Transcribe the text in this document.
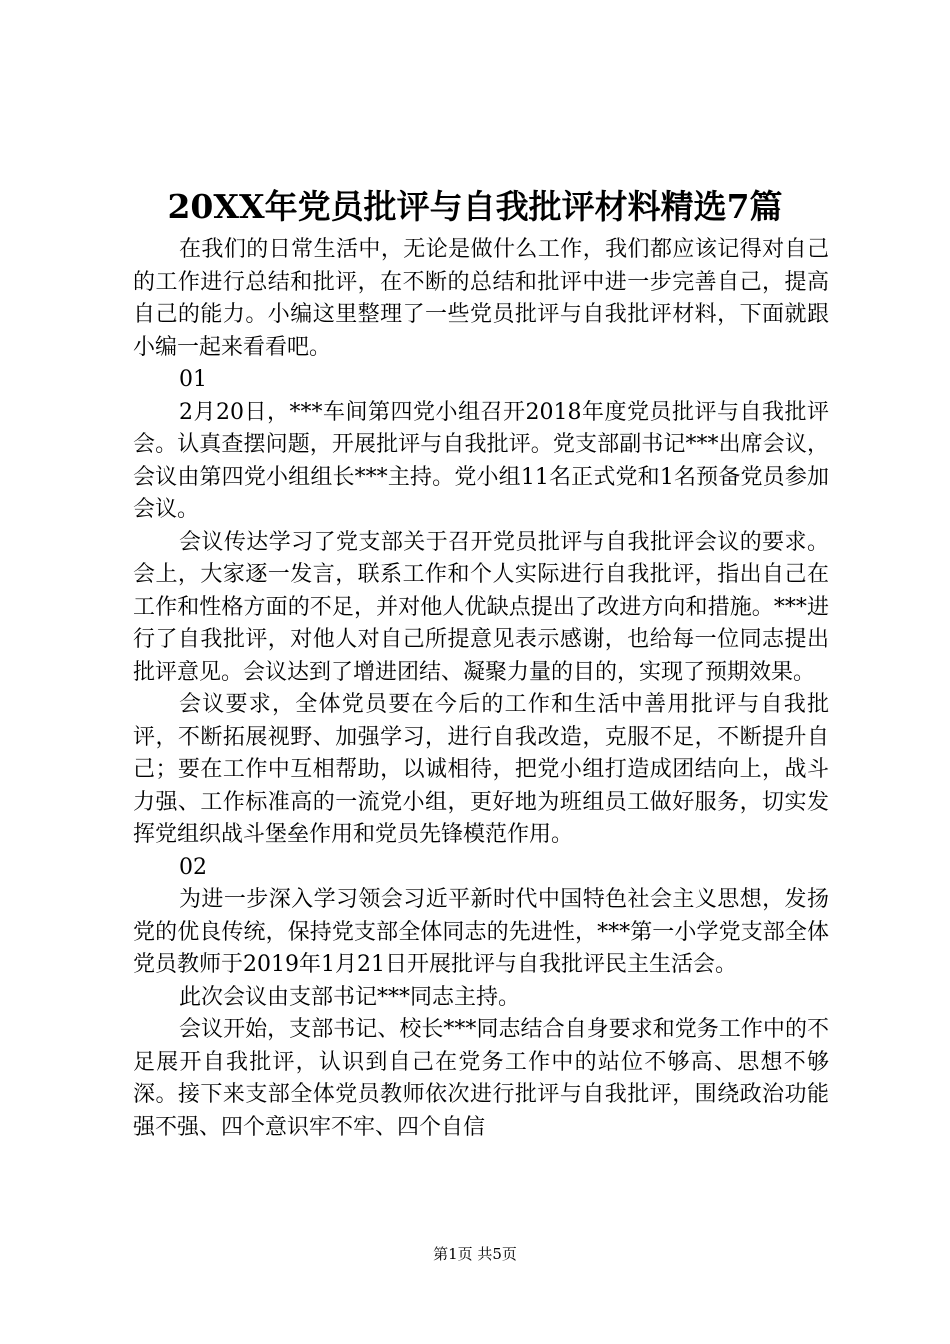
20XX年党员批评与自我批评材料精选7篇

在我们的日常生活中，无论是做什么工作，我们都应该记得对自己的工作进行总结和批评，在不断的总结和批评中进一步完善自己，提高自己的能力。小编这里整理了一些党员批评与自我批评材料，下面就跟小编一起来看看吧。

01

2月20日，***车间第四党小组召开2018年度党员批评与自我批评会。认真查摆问题，开展批评与自我批评。党支部副书记***出席会议，会议由第四党小组组长***主持。党小组11名正式党和1名预备党员参加会议。

会议传达学习了党支部关于召开党员批评与自我批评会议的要求。会上，大家逐一发言，联系工作和个人实际进行自我批评，指出自己在工作和性格方面的不足，并对他人优缺点提出了改进方向和措施。***进行了自我批评，对他人对自己所提意见表示感谢，也给每一位同志提出批评意见。会议达到了增进团结、凝聚力量的目的，实现了预期效果。

会议要求，全体党员要在今后的工作和生活中善用批评与自我批评，不断拓展视野、加强学习，进行自我改造，克服不足，不断提升自己；要在工作中互相帮助，以诚相待，把党小组打造成团结向上，战斗力强、工作标准高的一流党小组，更好地为班组员工做好服务，切实发挥党组织战斗堡垒作用和党员先锋模范作用。

02

为进一步深入学习领会习近平新时代中国特色社会主义思想，发扬党的优良传统，保持党支部全体同志的先进性，***第一小学党支部全体党员教师于2019年1月21日开展批评与自我批评民主生活会。

此次会议由支部书记***同志主持。

会议开始，支部书记、校长***同志结合自身要求和党务工作中的不足展开自我批评，认识到自己在党务工作中的站位不够高、思想不够深。接下来支部全体党员教师依次进行批评与自我批评，围绕政治功能强不强、四个意识牢不牢、四个自信

第1页 共5页
